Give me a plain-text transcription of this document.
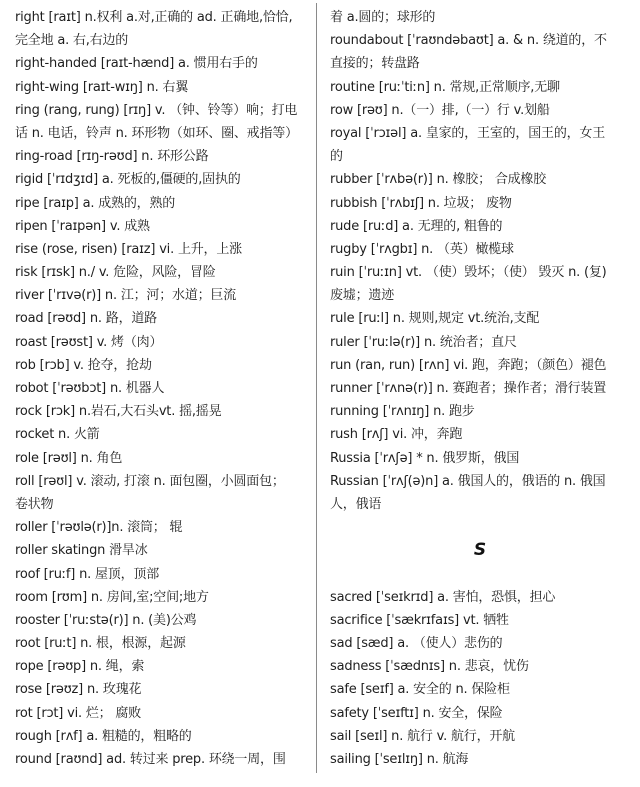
right [raɪt] n.权利 a.对,正确的 ad. 正确地,恰恰,
完全地 a. 右,右边的
right-handed [raɪt-hænd] a. 惯用右手的
right-wing [raɪt-wɪŋ] n. 右翼
ring (rang, rung) [rɪŋ] v. （钟、铃等）响；打电
话 n. 电话，铃声 n. 环形物（如环、圈、戒指等）
ring-road [rɪŋ-rəʊd] n. 环形公路
rigid [ˈrɪdʒɪd] a. 死板的,僵硬的,固执的
ripe [raɪp] a. 成熟的，熟的
ripen [ˈraɪpən] v. 成熟
rise (rose, risen) [raɪz] vi. 上升，上涨
risk [rɪsk] n./ v. 危险，风险，冒险
river [ˈrɪvə(r)] n. 江；河；水道；巨流
road [rəʊd] n. 路，道路
roast [rəʊst] v. 烤（肉）
rob [rɔb] v. 抢夺，抢劫
robot [ˈrəʊbɔt] n. 机器人
rock [rɔk] n.岩石,大石头vt. 摇,摇晃
rocket n. 火箭
role [rəʊl] n. 角色
roll [rəʊl] v. 滚动, 打滚 n. 面包圈，小圆面包；
卷状物
roller [ˈrəʊlə(r)]n. 滚筒； 辊
roller skatingn 滑旱冰
roof [ruːf] n. 屋顶，顶部
room [rʊm] n. 房间,室;空间;地方
rooster [ˈruːstə(r)] n. (美)公鸡
root [ruːt] n. 根，根源，起源
rope [rəʊp] n. 绳，索
rose [rəʊz] n. 玫瑰花
rot [rɔt] vi. 烂； 腐败
rough [rʌf] a. 粗糙的，粗略的
round [raʊnd] ad. 转过来 prep. 环绕一周，围
着 a.圆的；球形的
roundabout [ˈraʊndəbaʊt] a. & n. 绕道的，不
直接的；转盘路
routine [ruːˈtiːn] n. 常规,正常顺序,无聊
row [rəʊ] n.（一）排,（一）行 v.划船
royal [ˈrɔɪəl] a. 皇家的，王室的，国王的，女王
的
rubber [ˈrʌbə(r)] n. 橡胶； 合成橡胶
rubbish [ˈrʌbɪʃ] n. 垃圾； 废物
rude [ruːd] a. 无理的, 粗鲁的
rugby [ˈrʌgbɪ] n. （英）橄榄球
ruin [ˈruːɪn] vt. （使）毁坏；（使） 毁灭 n. (复)
废墟；遗迹
rule [ruːl] n. 规则,规定 vt.统治,支配
ruler [ˈruːlə(r)] n. 统治者；直尺
run (ran, run) [rʌn] vi. 跑，奔跑；（颜色）褪色
runner [ˈrʌnə(r)] n. 赛跑者；操作者；滑行装置
running [ˈrʌnɪŋ] n. 跑步
rush [rʌʃ] vi. 冲，奔跑
Russia [ˈrʌʃə] * n. 俄罗斯，俄国
Russian [ˈrʌʃ(ə)n] a. 俄国人的，俄语的 n. 俄国
人，俄语
S
sacred [ˈseɪkrɪd] a. 害怕，恐惧，担心
sacrifice [ˈsækrɪfaɪs] vt. 牺牲
sad [sæd] a. （使人）悲伤的
sadness [ˈsædnɪs] n. 悲哀，忧伤
safe [seɪf] a. 安全的 n. 保险柜
safety [ˈseɪftɪ] n. 安全，保险
sail [seɪl] n. 航行 v. 航行，开航
sailing [ˈseɪlɪŋ] n. 航海
